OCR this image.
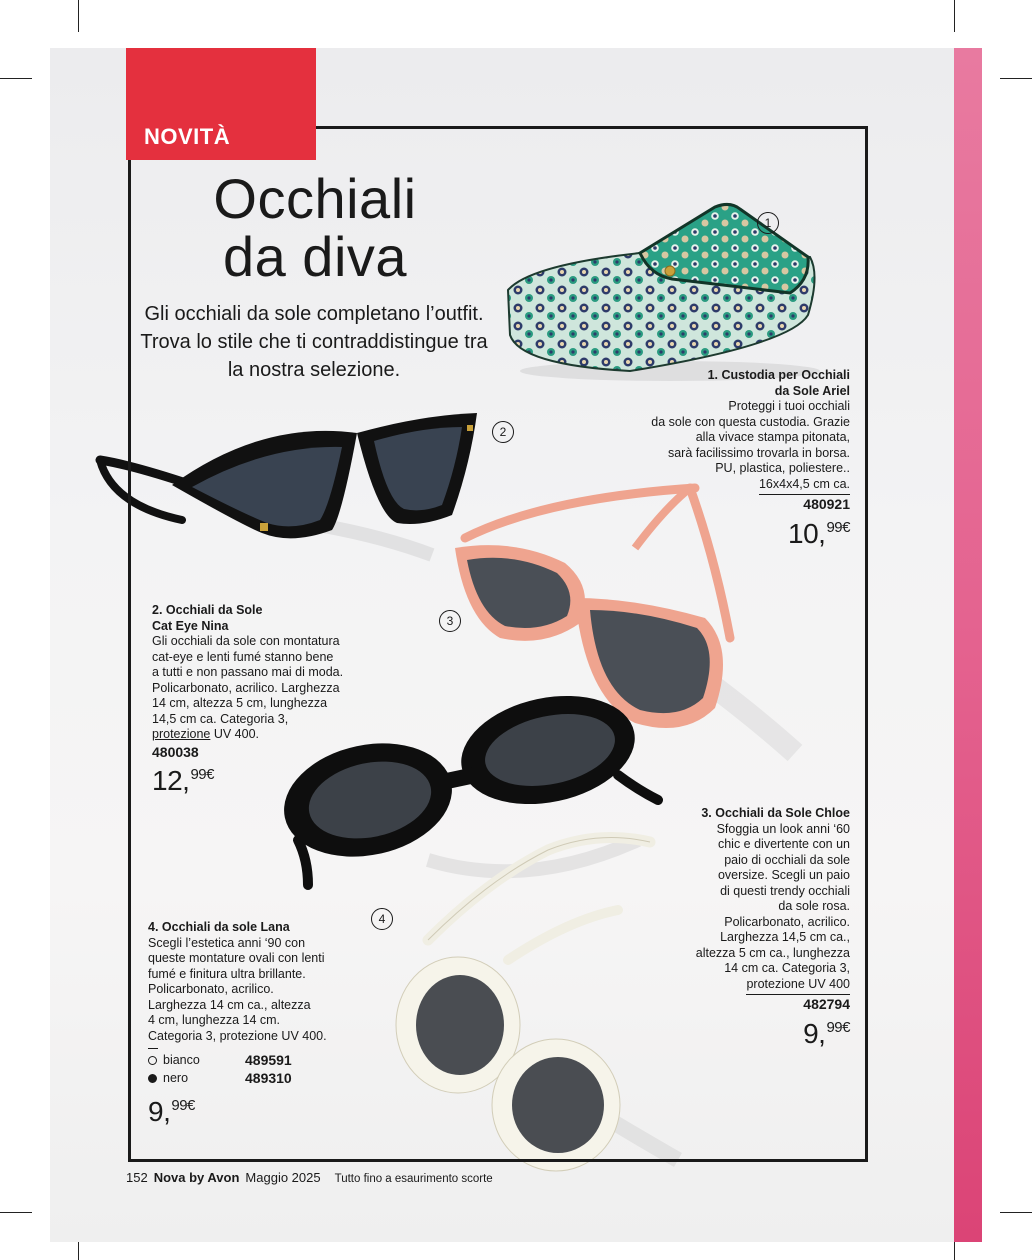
NOVITÀ
Occhiali
da diva
Gli occhiali da sole completano l’outfit. Trova lo stile che ti contraddistingue tra la nostra selezione.
1
2
3
4
1. Custodia per Occhiali
da Sole Ariel
Proteggi i tuoi occhiali
da sole con questa custodia. Grazie
alla vivace stampa pitonata,
sarà facilissimo trovarla in borsa.
PU, plastica, poliestere..
16x4x4,5 cm ca.
480921
10,$^{99€}$
2. Occhiali da Sole
Cat Eye Nina
Gli occhiali da sole con montatura
cat-eye e lenti fumé stanno bene
a tutti e non passano mai di moda.
Policarbonato, acrilico. Larghezza
14 cm, altezza 5 cm, lunghezza
14,5 cm ca. Categoria 3,
protezione UV 400.
480038
12,$^{99€}$
3. Occhiali da Sole Chloe
Sfoggia un look anni ‘60
chic e divertente con un
paio di occhiali da sole
oversize. Scegli un paio
di questi trendy occhiali
da sole rosa.
Policarbonato, acrilico.
Larghezza 14,5 cm ca.,
altezza 5 cm ca., lunghezza
14 cm ca. Categoria 3,
protezione UV 400
482794
9,$^{99€}$
4. Occhiali da sole Lana
Scegli l’estetica anni ‘90 con
queste montature ovali con lenti
fumé e finitura ultra brillante.
Policarbonato, acrilico.
Larghezza 14 cm ca., altezza
4 cm, lunghezza 14 cm.
Categoria 3, protezione UV 400.
bianco	489591
nero	489310
9,$^{99€}$
152 Nova by Avon Maggio 2025 Tutto fino a esaurimento scorte
